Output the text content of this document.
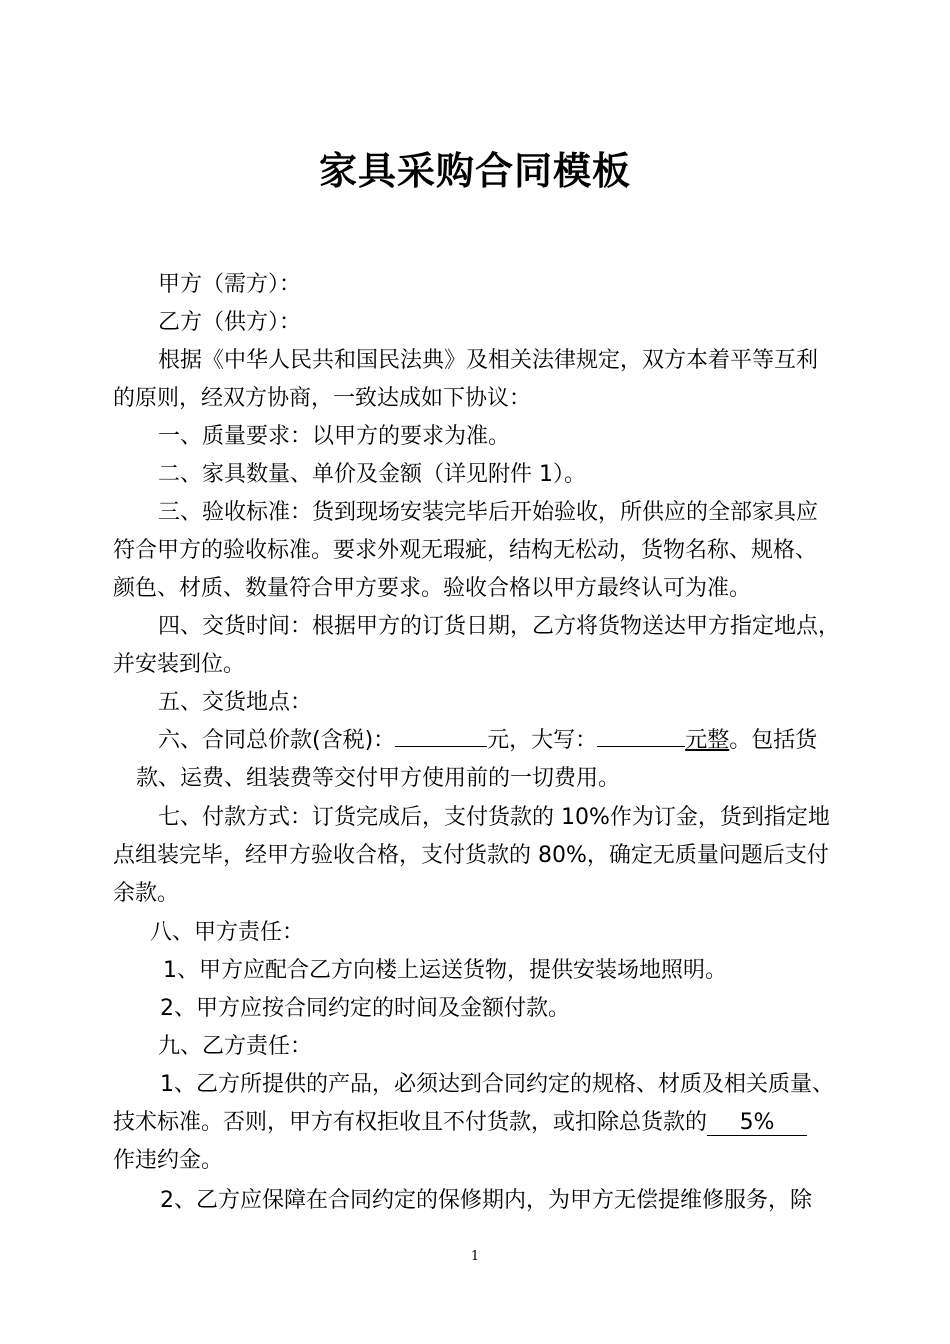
家具采购合同模板
甲方（需方）：
乙方（供方）：
根据《中华人民共和国民法典》及相关法律规定，双方本着平等互利
的原则，经双方协商，一致达成如下协议：
一、质量要求：以甲方的要求为准。
二、家具数量、单价及金额（详见附件 1）。
三、验收标准：货到现场安装完毕后开始验收，所供应的全部家具应
符合甲方的验收标准。要求外观无瑕疵，结构无松动，货物名称、规格、
颜色、材质、数量符合甲方要求。验收合格以甲方最终认可为准。
四、交货时间：根据甲方的订货日期，乙方将货物送达甲方指定地点，
并安装到位。
五、交货地点：
六、合同总价款(含税)：	元，大写：	元整。包括货
款、运费、组装费等交付甲方使用前的一切费用。
七、付款方式：订货完成后，支付货款的 10%作为订金，货到指定地
点组装完毕，经甲方验收合格，支付货款的 80%，确定无质量问题后支付
余款。
八、甲方责任：
1、甲方应配合乙方向楼上运送货物，提供安装场地照明。
2、甲方应按合同约定的时间及金额付款。
九、乙方责任：
1、乙方所提供的产品，必须达到合同约定的规格、材质及相关质量、
技术标准。否则，甲方有权拒收且不付货款，或扣除总货款的 5%
作违约金。
2、乙方应保障在合同约定的保修期内，为甲方无偿提维修服务，除
1
